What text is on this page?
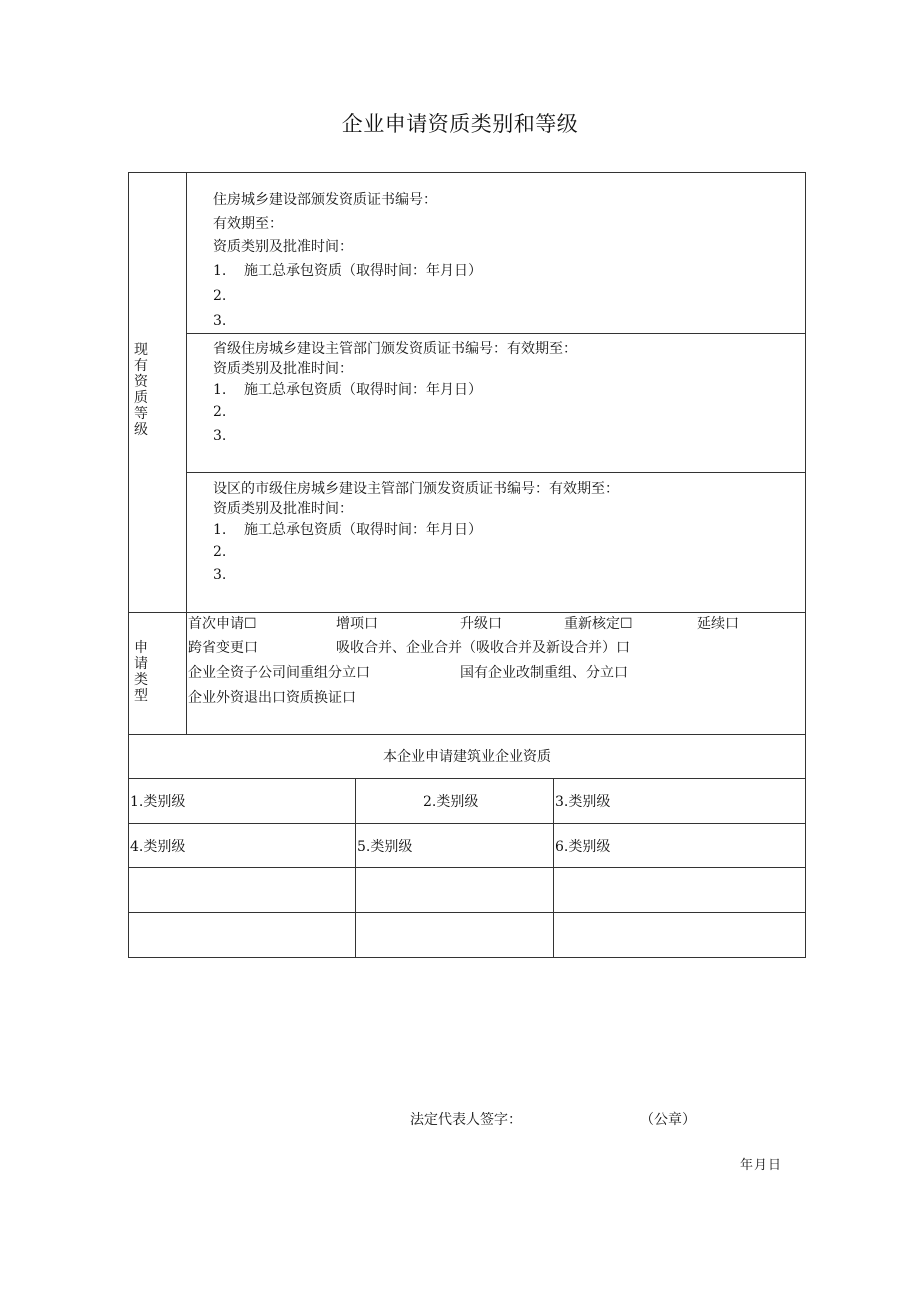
企业申请资质类别和等级
现有资质等级
住房城乡建设部颁发资质证书编号：
有效期至：
资质类别及批准时间：
1. 施工总承包资质（取得时间：年月日）
2.
3.
省级住房城乡建设主管部门颁发资质证书编号：有效期至：
资质类别及批准时间：
1. 施工总承包资质（取得时间：年月日）
2.
3.
设区的市级住房城乡建设主管部门颁发资质证书编号：有效期至：
资质类别及批准时间：
1. 施工总承包资质（取得时间：年月日）
2.
3.
申请类型
首次申请☐	增项口	升级口	重新核定☐	延续口
跨省变更口	吸收合并、企业合并（吸收合并及新设合并）口
企业全资子公司间重组分立口	国有企业改制重组、分立口
企业外资退出口资质换证口
本企业申请建筑业企业资质
1.类别级	2.类别级	3.类别级
4.类别级	5.类别级	6.类别级
法定代表人签字：	（公章）
年月日
